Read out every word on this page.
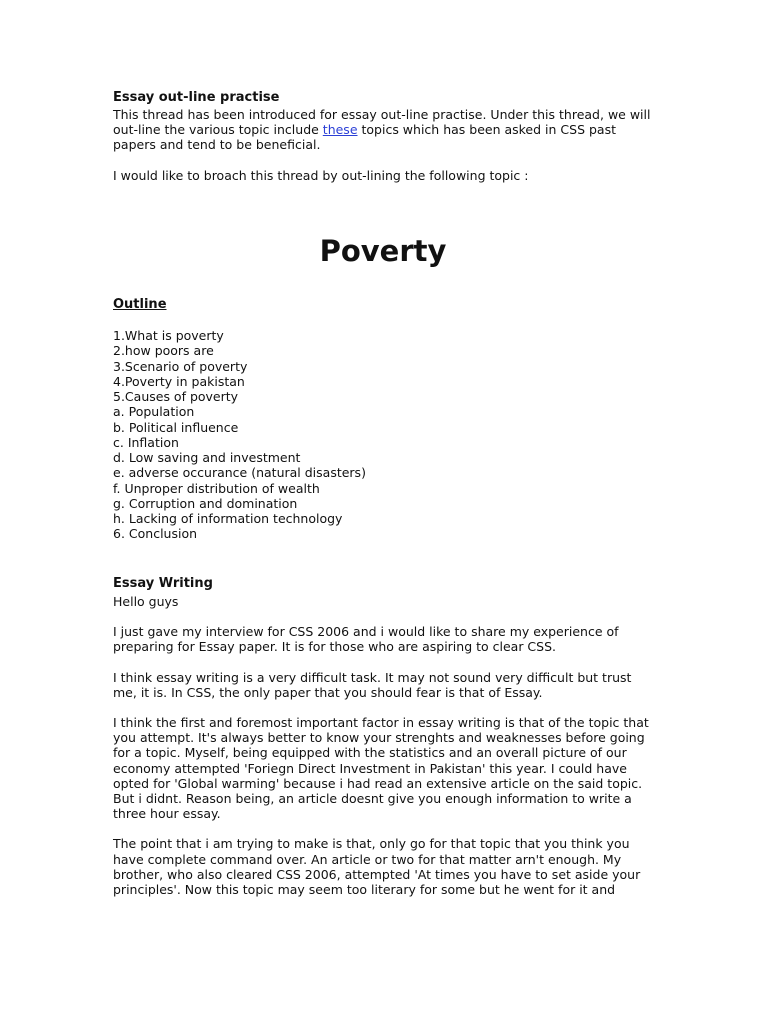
Essay out-line practise

This thread has been introduced for essay out-line practise. Under this thread, we will out-line the various topic include these topics which has been asked in CSS past papers and tend to be beneficial.

I would like to broach this thread by out-lining the following topic :

Poverty

Outline

1.What is poverty
2.how poors are
3.Scenario of poverty
4.Poverty in pakistan
5.Causes of poverty
a. Population
b. Political influence
c. Inflation
d. Low saving and investment
e. adverse occurance (natural disasters)
f. Unproper distribution of wealth
g. Corruption and domination
h. Lacking of information technology
6. Conclusion

Essay Writing

Hello guys

I just gave my interview for CSS 2006 and i would like to share my experience of preparing for Essay paper. It is for those who are aspiring to clear CSS.

I think essay writing is a very difficult task. It may not sound very difficult but trust me, it is. In CSS, the only paper that you should fear is that of Essay.

I think the first and foremost important factor in essay writing is that of the topic that you attempt. It's always better to know your strenghts and weaknesses before going for a topic. Myself, being equipped with the statistics and an overall picture of our economy attempted 'Foriegn Direct Investment in Pakistan' this year. I could have opted for 'Global warming' because i had read an extensive article on the said topic. But i didnt. Reason being, an article doesnt give you enough information to write a three hour essay.

The point that i am trying to make is that, only go for that topic that you think you have complete command over. An article or two for that matter arn't enough. My brother, who also cleared CSS 2006, attempted 'At times you have to set aside your principles'. Now this topic may seem too literary for some but he went for it and
